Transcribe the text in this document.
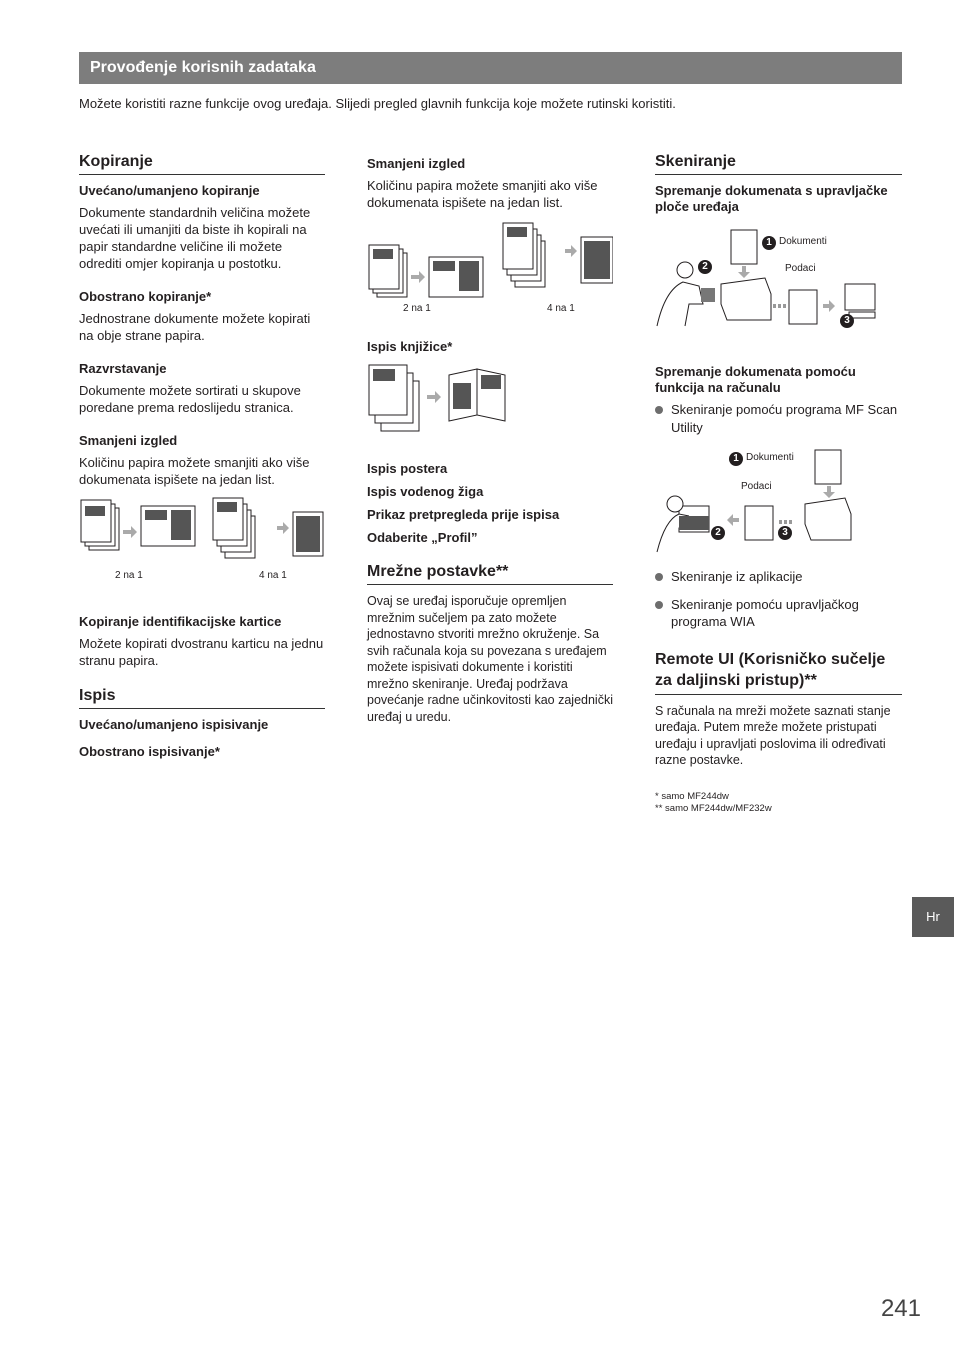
Provođenje korisnih zadataka
Možete koristiti razne funkcije ovog uređaja. Slijedi pregled glavnih funkcija koje možete rutinski koristiti.
Kopiranje
Uvećano/umanjeno kopiranje

Dokumente standardnih veličina možete uvećati ili umanjiti da biste ih kopirali na papir standardne veličine ili možete odrediti omjer kopiranja u postotku.

Obostrano kopiranje*

Jednostrane dokumente možete kopirati na obje strane papira.

Razvrstavanje

Dokumente možete sortirati u skupove poredane prema redoslijedu stranica.

Smanjeni izgled

Količinu papira možete smanjiti ako više dokumenata ispišete na jedan list.

2 na 1	4 na 1
Kopiranje identifikacijske kartice

Možete kopirati dvostranu karticu na jednu stranu papira.

Ispis
Uvećano/umanjeno ispisivanje
Obostrano ispisivanje*
Smanjeni izgled

Količinu papira možete smanjiti ako više dokumenata ispišete na jedan list.

2 na 1	4 na 1
Ispis knjižice*
Ispis postera
Ispis vodenog žiga
Prikaz pretpregleda prije ispisa
Odaberite „Profil”
Mrežne postavke**

Ovaj se uređaj isporučuje opremljen mrežnim sučeljem pa zato možete jednostavno stvoriti mrežno okruženje. Sa svih računala koja su povezana s uređajem možete ispisivati dokumente i koristiti mrežno skeniranje. Uređaj podržava povećanje radne učinkovitosti kao zajednički uređaj u uredu.

Skeniranje
Spremanje dokumenata s upravljačke ploče uređaja
1 Dokumenti
2	Podaci
3
Spremanje dokumenata pomoću funkcija na računalu
Skeniranje pomoću programa MF Scan Utility
1 Dokumenti
Podaci
2	3
Skeniranje iz aplikacije
Skeniranje pomoću upravljačkog programa WIA
Remote UI (Korisničko sučelje za daljinski pristup)**

S računala na mreži možete saznati stanje uređaja. Putem mreže možete pristupati uređaju i upravljati poslovima ili određivati razne postavke.

* samo MF244dw
** samo MF244dw/MF232w
Hr
241
